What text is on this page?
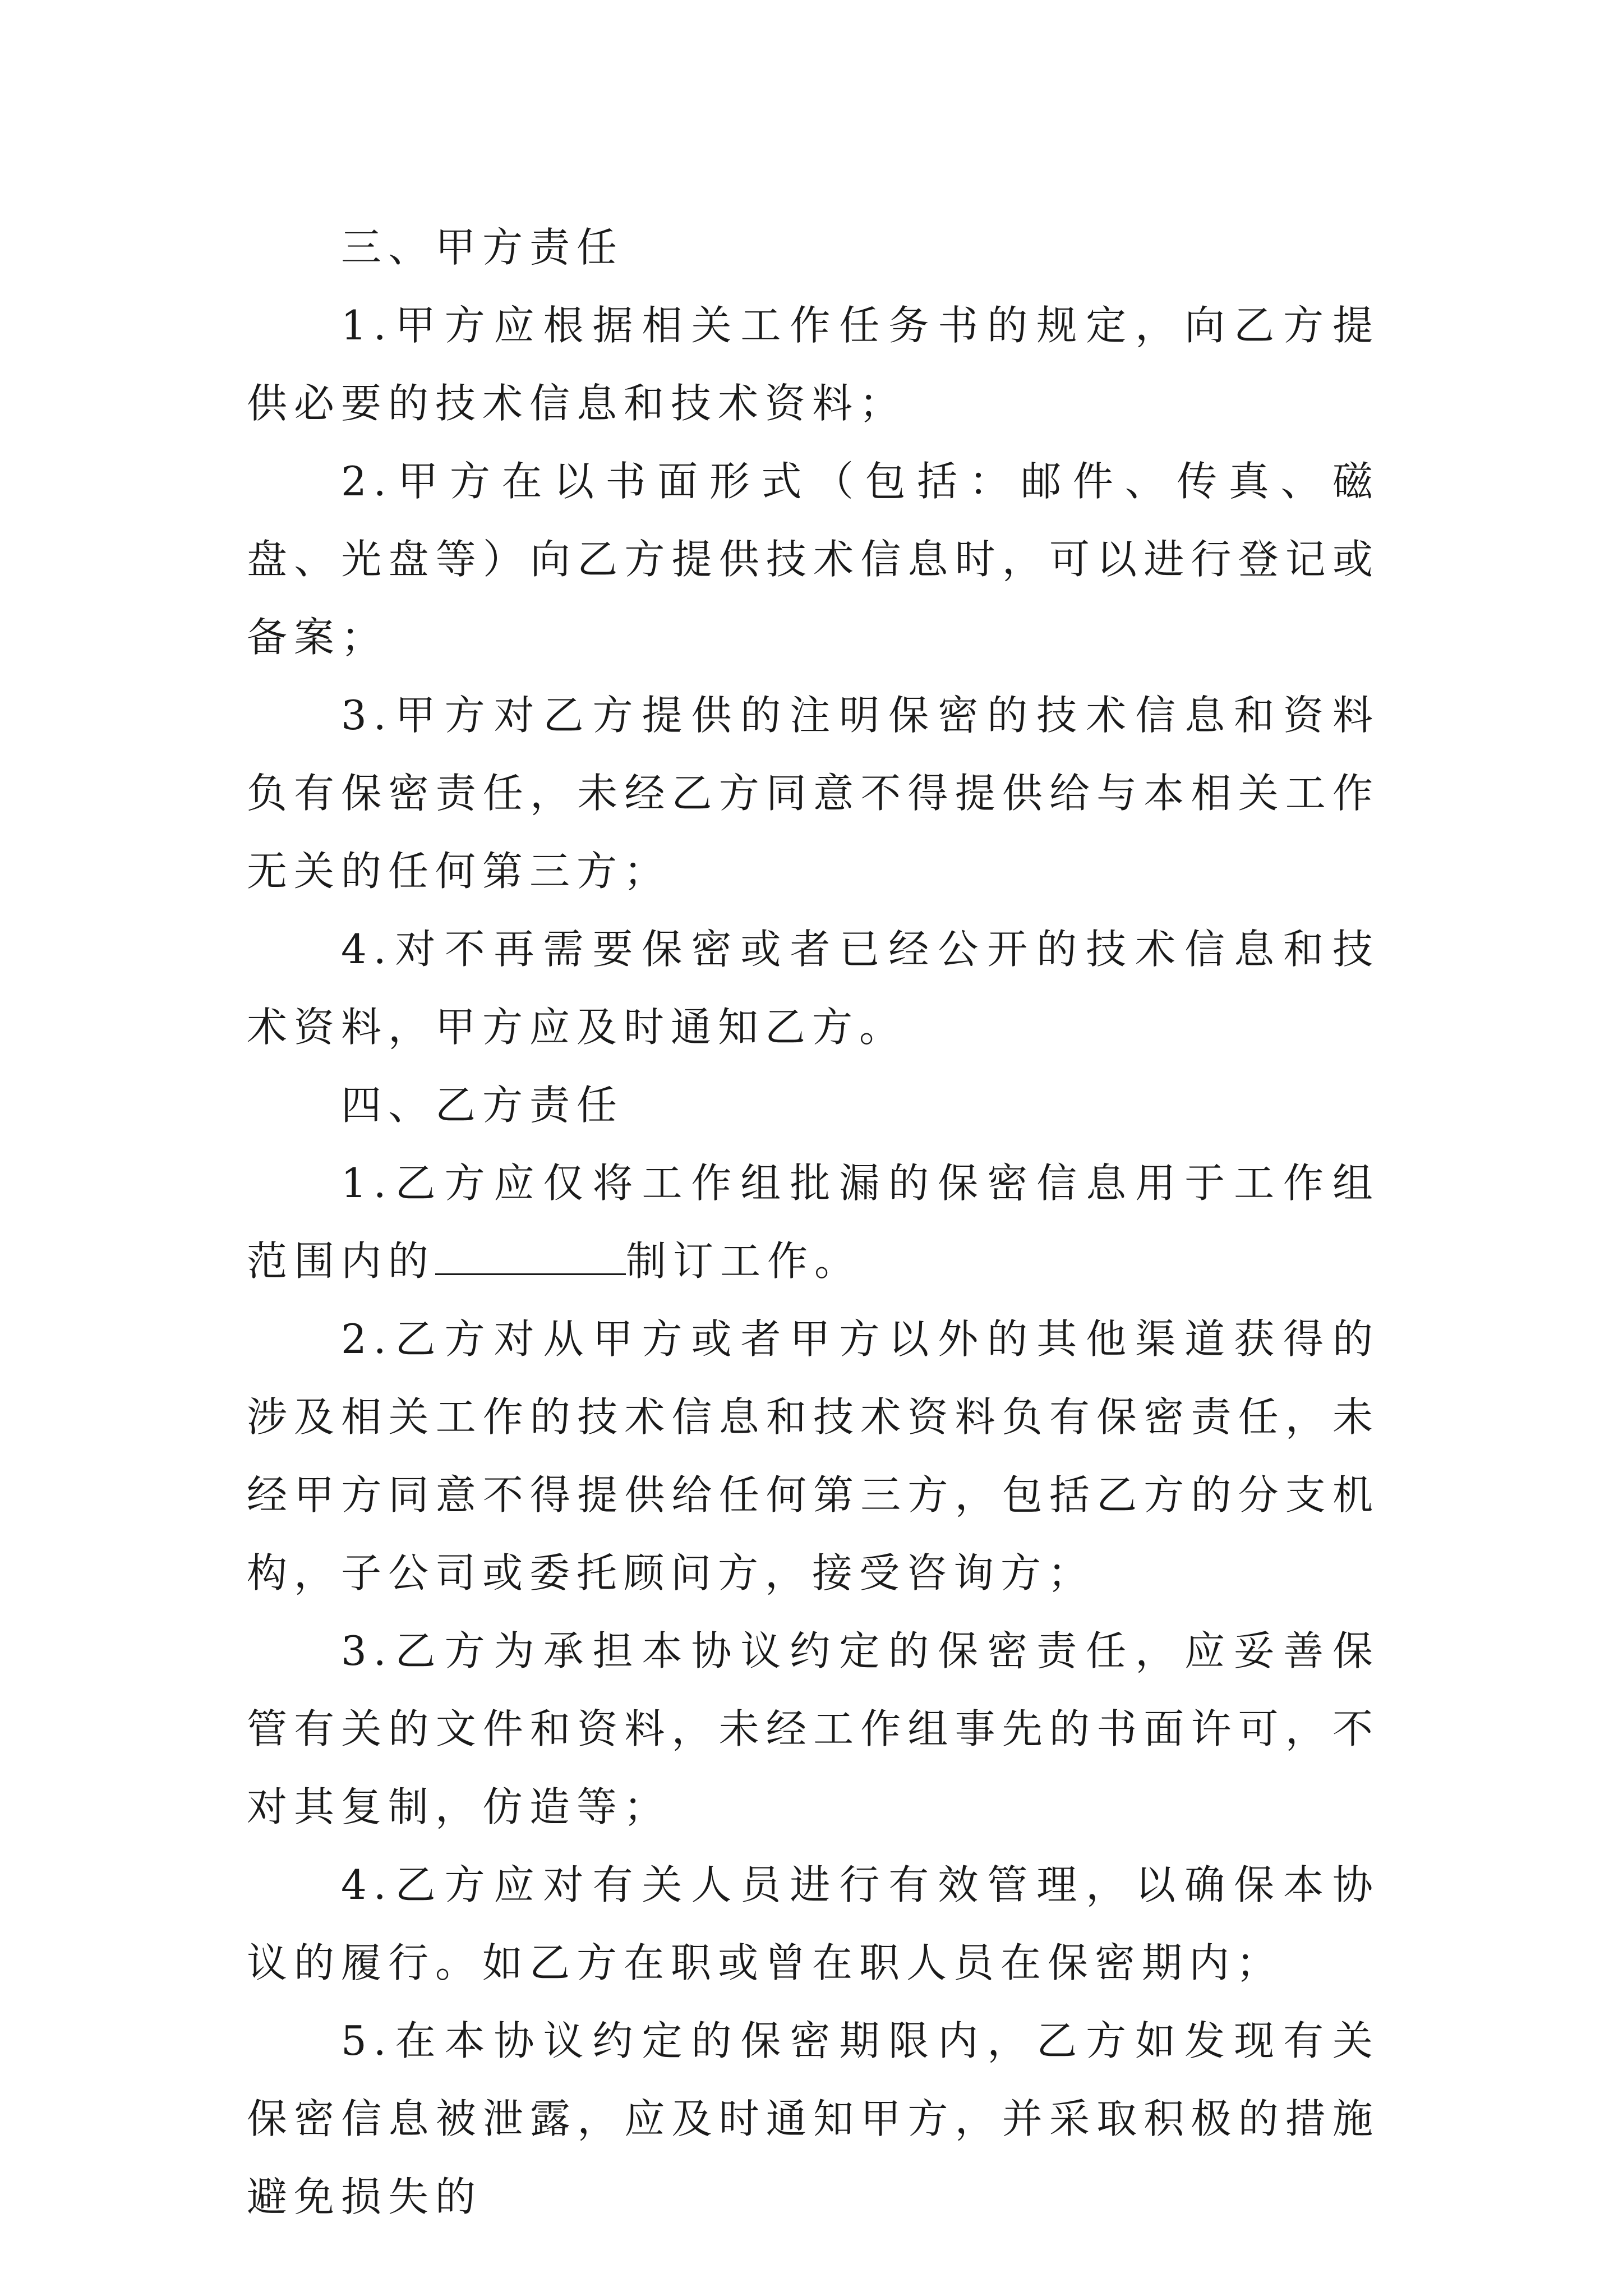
三、甲方责任

1.甲方应根据相关工作任务书的规定，向乙方提供必要的技术信息和技术资料；

2.甲方在以书面形式（包括：邮件、传真、磁盘、光盘等）向乙方提供技术信息时，可以进行登记或备案；

3.甲方对乙方提供的注明保密的技术信息和资料负有保密责任，未经乙方同意不得提供给与本相关工作无关的任何第三方；

4.对不再需要保密或者已经公开的技术信息和技术资料，甲方应及时通知乙方。

四、乙方责任

1.乙方应仅将工作组批漏的保密信息用于工作组范围内的	制订工作。

2.乙方对从甲方或者甲方以外的其他渠道获得的涉及相关工作的技术信息和技术资料负有保密责任，未经甲方同意不得提供给任何第三方，包括乙方的分支机构，子公司或委托顾问方，接受咨询方；

3.乙方为承担本协议约定的保密责任，应妥善保管有关的文件和资料，未经工作组事先的书面许可，不对其复制，仿造等；

4.乙方应对有关人员进行有效管理，以确保本协议的履行。如乙方在职或曾在职人员在保密期内；

5.在本协议约定的保密期限内，乙方如发现有关保密信息被泄露，应及时通知甲方，并采取积极的措施避免损失的
